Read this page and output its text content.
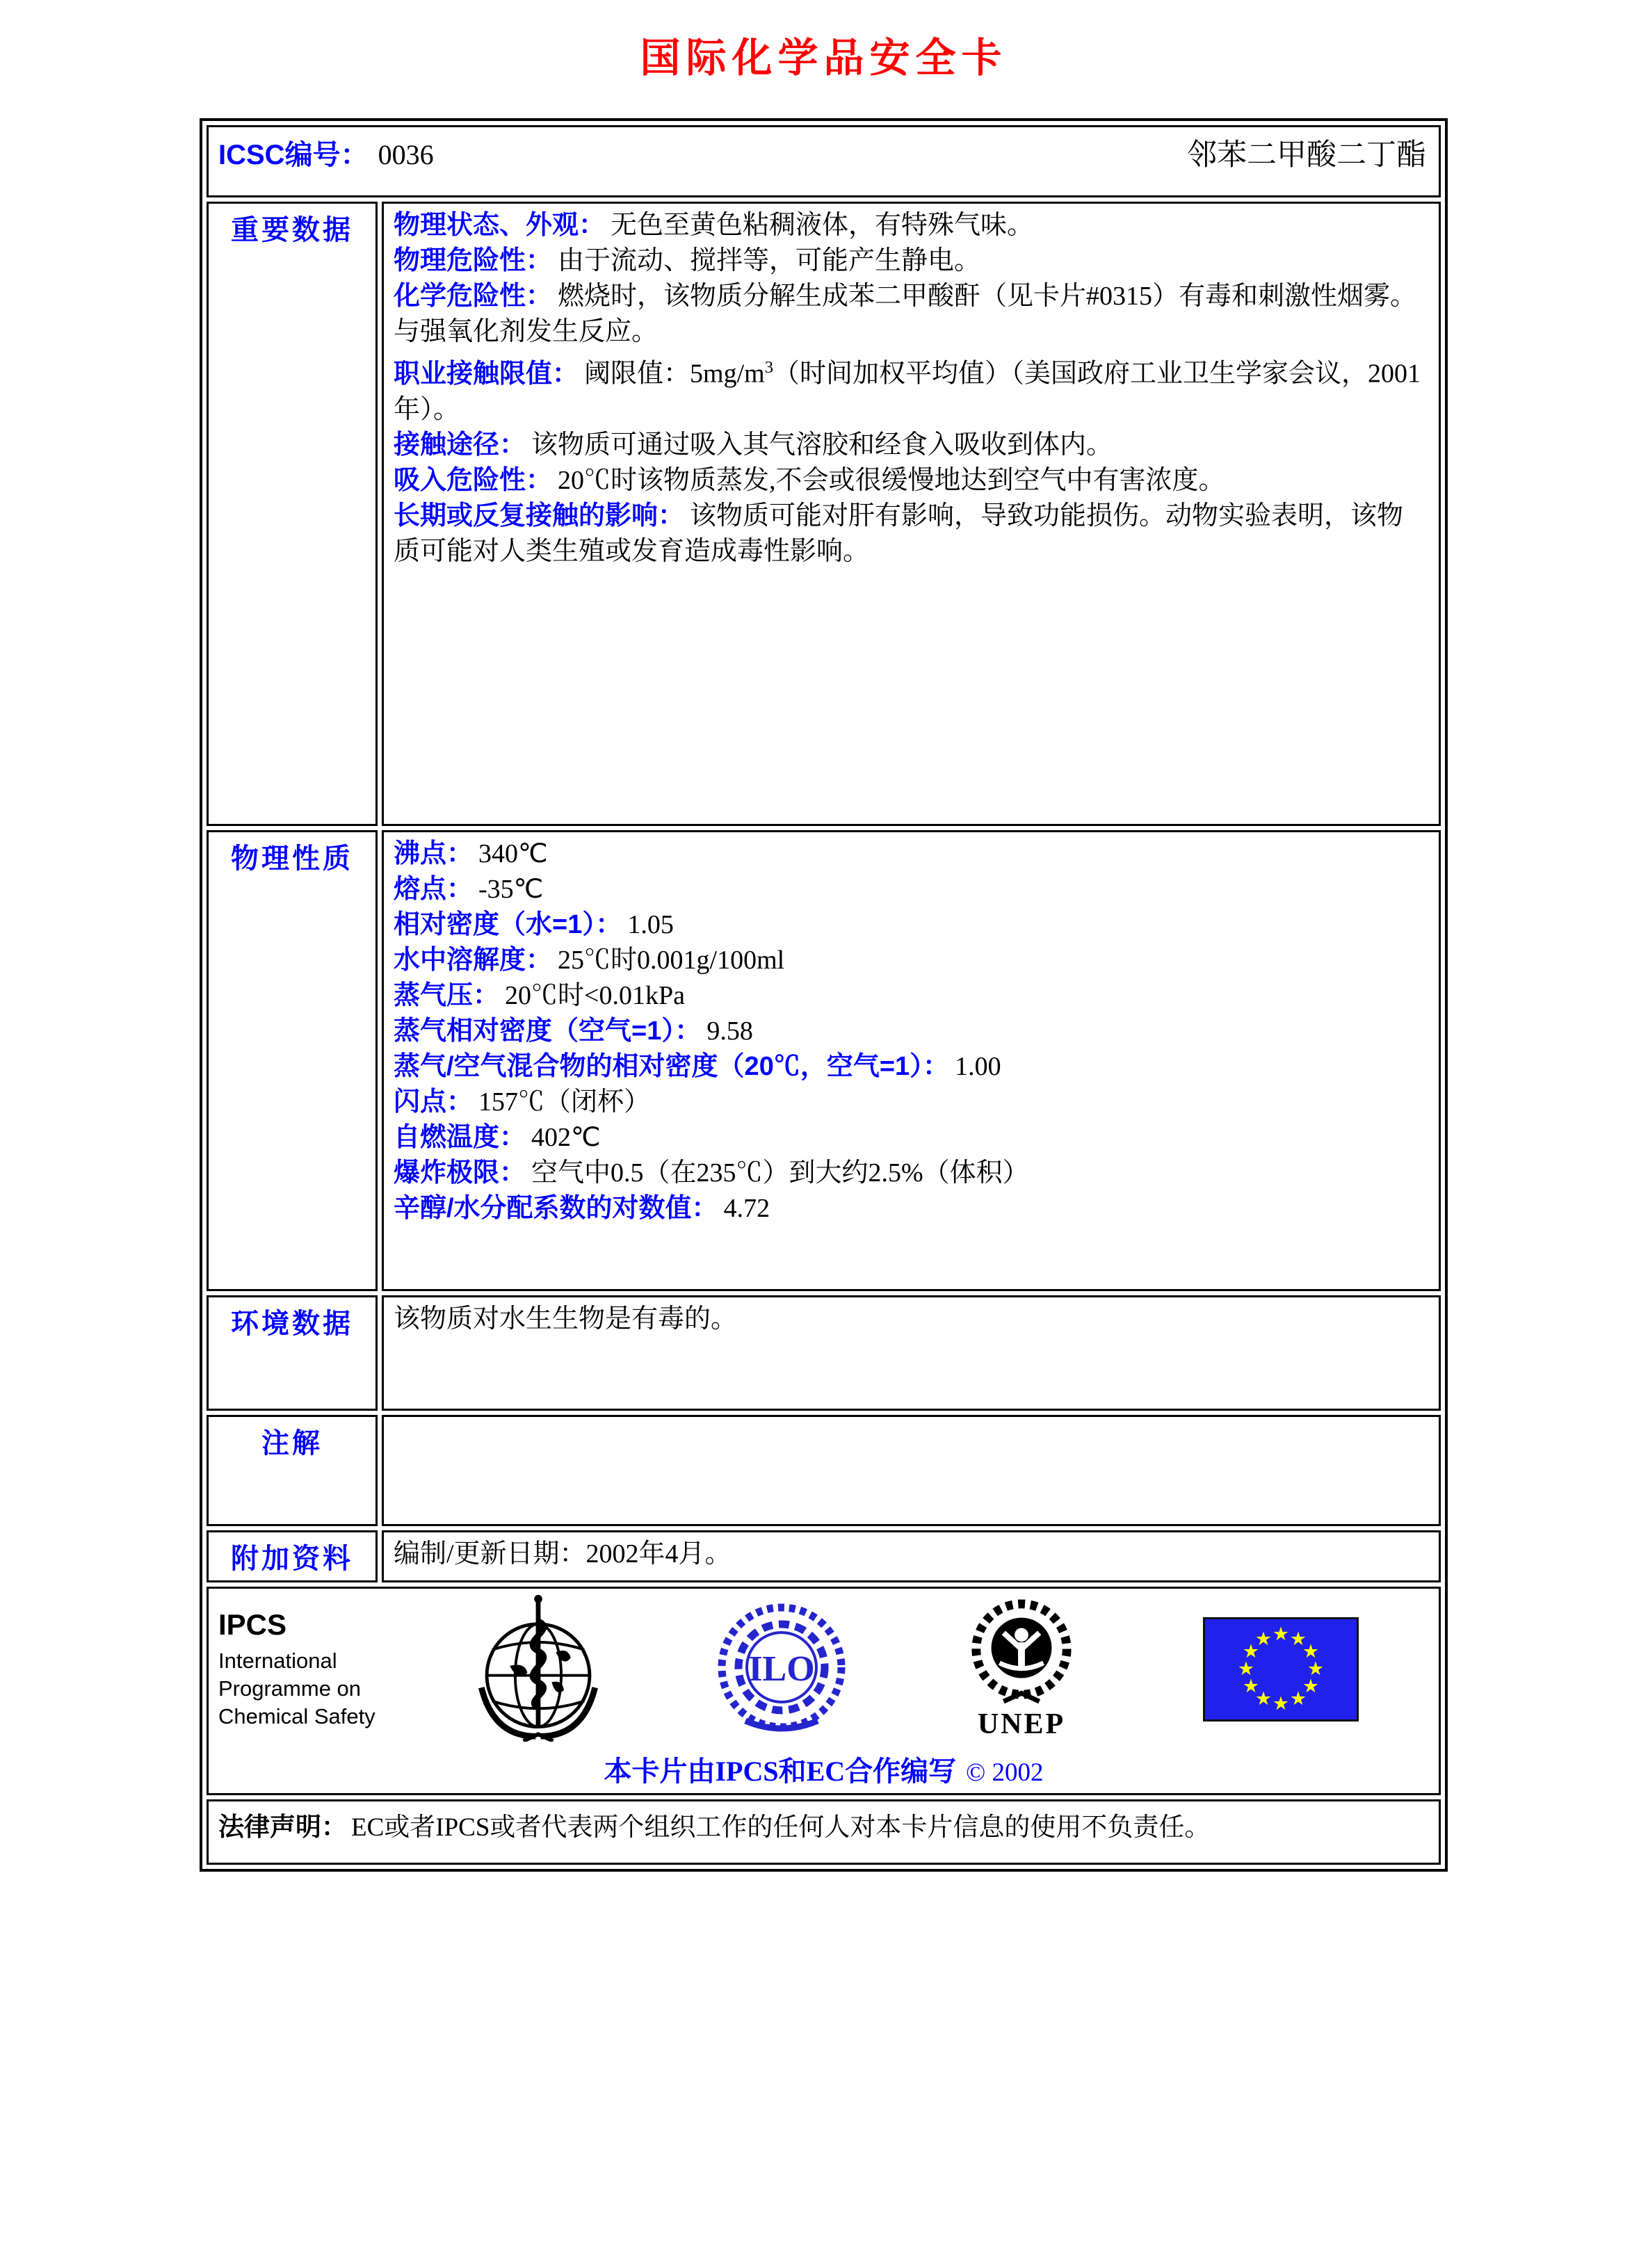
国际化学品安全卡
ICSC编号： 0036 邻苯二甲酸二丁酯	

重要数据	物理状态、外观： 无色至黄色粘稠液体，有特殊气味。
物理危险性： 由于流动、搅拌等，可能产生静电。
化学危险性： 燃烧时，该物质分解生成苯二甲酸酐（见卡片#0315）有毒和刺激性烟雾。与强氧化剂发生反应。
职业接触限值： 阈限值：$5mg/m^3$（时间加权平均值）（美国政府工业卫生学家会议，2001年）。
接触途径： 该物质可通过吸入其气溶胶和经食入吸收到体内。
吸入危险性： 20℃时该物质蒸发,不会或很缓慢地达到空气中有害浓度。
长期或反复接触的影响： 该物质可能对肝有影响，导致功能损伤。动物实验表明，该物质可能对人类生殖或发育造成毒性影响。

物理性质	沸点： 340℃
熔点： -35℃
相对密度（水=1）： 1.05
水中溶解度： 25℃时0.001g/100ml
蒸气压： 20℃时<0.01kPa
蒸气相对密度（空气=1）： 9.58
蒸气/空气混合物的相对密度（20℃，空气=1）： 1.00
闪点： 157℃（闭杯）
自燃温度： 402℃
爆炸极限： 空气中0.5（在235℃）到大约2.5%（体积）
辛醇/水分配系数的对数值： 4.72

环境数据	该物质对水生生物是有毒的。
注解	
附加资料	编制/更新日期：2002年4月。

IPCS
International
Programme on
Chemical Safety
ILO
UNEP
★ ★
★
★
★
★
★
★
★
★
★
★
本卡片由IPCS和EC合作编写 © 2002

法律声明： EC或者IPCS或者代表两个组织工作的任何人对本卡片信息的使用不负责任。	
